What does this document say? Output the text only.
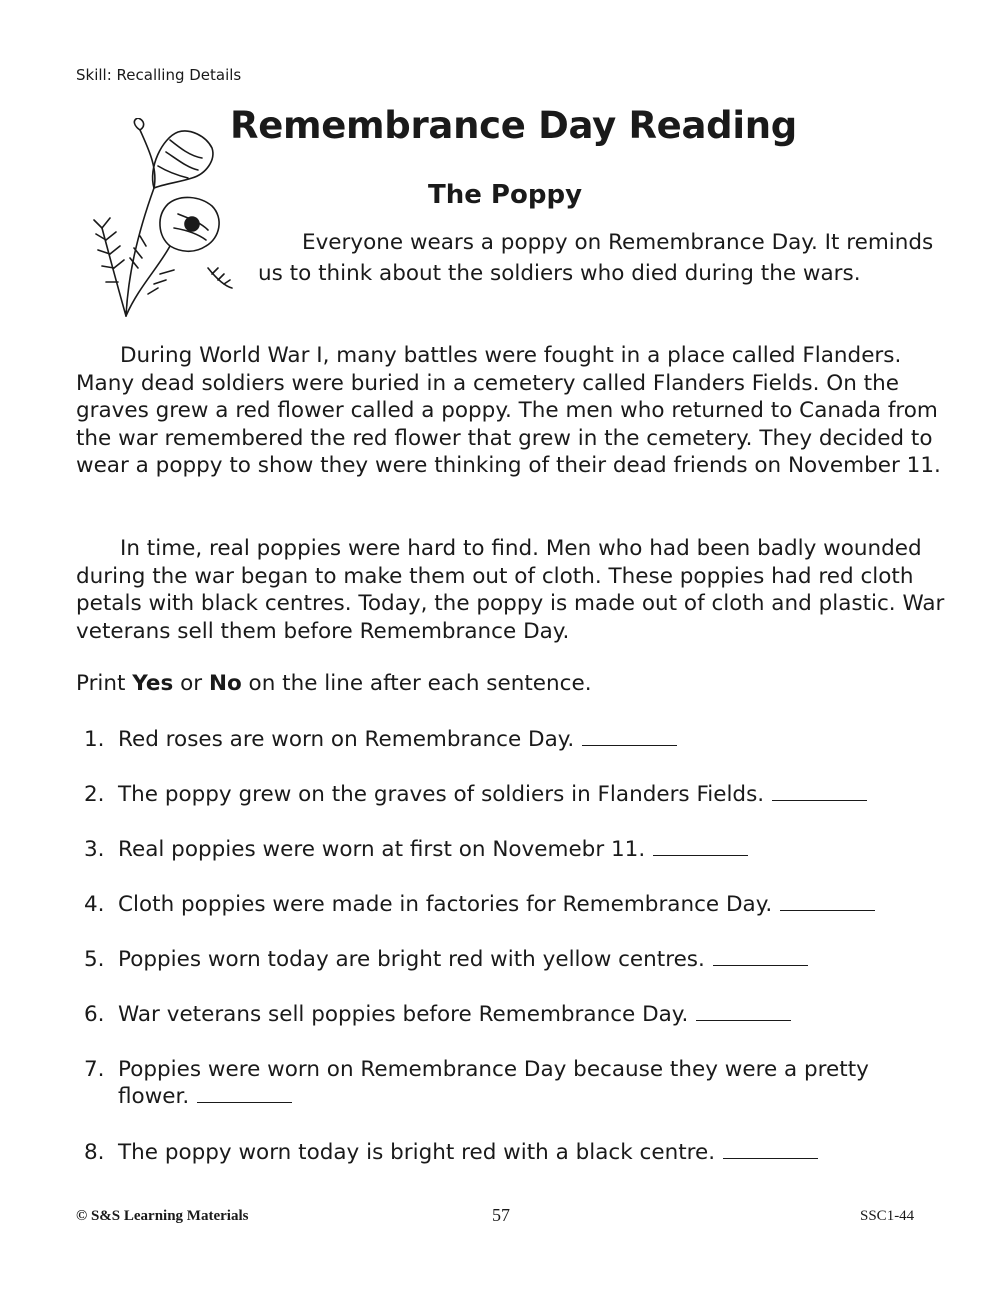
Skill: Recalling Details
Remembrance Day Reading
The Poppy
Everyone wears a poppy on Remembrance Day. It reminds us to think about the soldiers who died during the wars.
During World War I, many battles were fought in a place called Flanders. Many dead soldiers were buried in a cemetery called Flanders Fields. On the graves grew a red flower called a poppy. The men who returned to Canada from the war remembered the red flower that grew in the cemetery. They decided to wear a poppy to show they were thinking of their dead friends on November 11.
In time, real poppies were hard to find. Men who had been badly wounded during the war began to make them out of cloth. These poppies had red cloth petals with black centres. Today, the poppy is made out of cloth and plastic. War veterans sell them before Remembrance Day.
Print Yes or No on the line after each sentence.
1. Red roses are worn on Remembrance Day.
2. The poppy grew on the graves of soldiers in Flanders Fields.
3. Real poppies were worn at first on Novemebr 11.
4. Cloth poppies were made in factories for Remembrance Day.
5. Poppies worn today are bright red with yellow centres.
6. War veterans sell poppies before Remembrance Day.
7. Poppies were worn on Remembrance Day because they were a pretty
flower.
8. The poppy worn today is bright red with a black centre.
© S&S Learning Materials	57	SSC1-44
